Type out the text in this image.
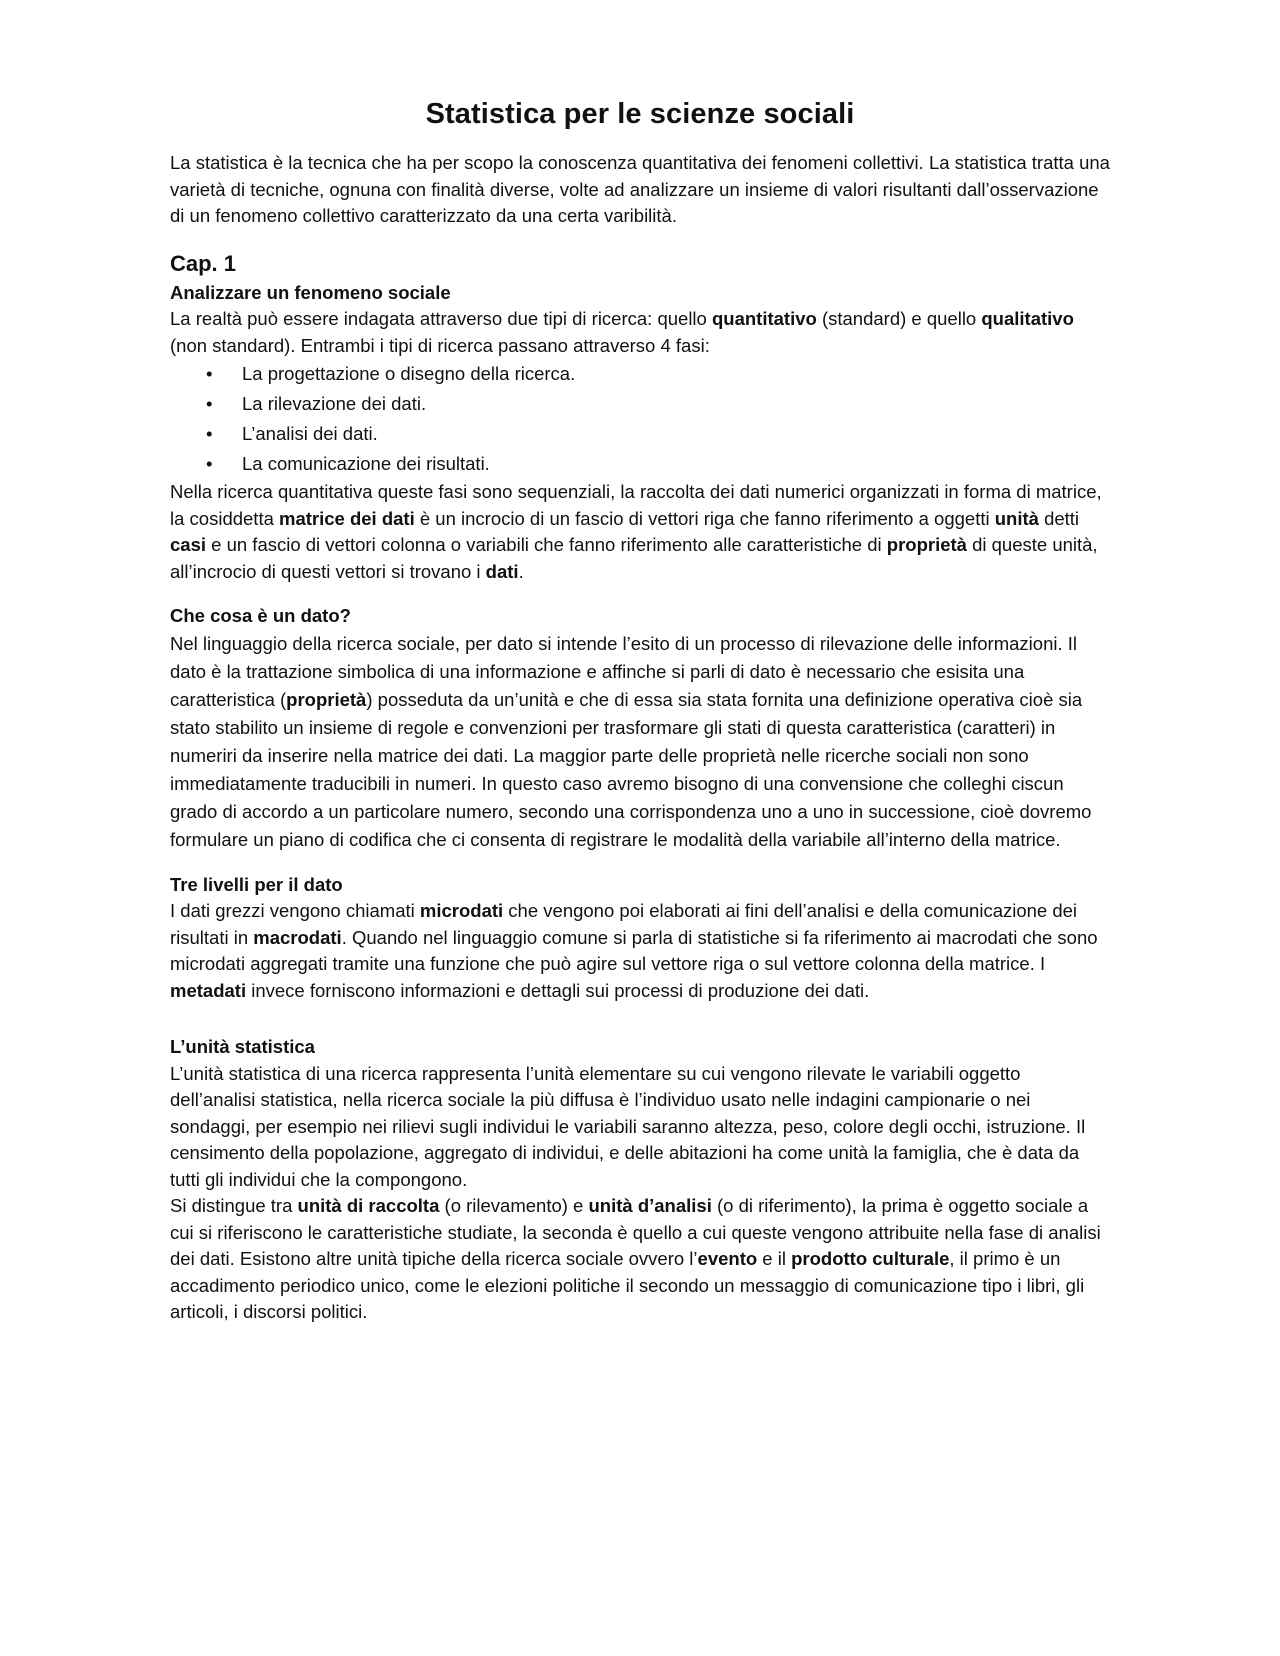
Statistica per le scienze sociali

La statistica è la tecnica che ha per scopo la conoscenza quantitativa dei fenomeni collettivi. La statistica tratta una varietà di tecniche, ognuna con finalità diverse, volte ad analizzare un insieme di valori risultanti dall’osservazione di un fenomeno collettivo caratterizzato da una certa varibilità.

Cap. 1
Analizzare un fenomeno sociale

La realtà può essere indagata attraverso due tipi di ricerca: quello quantitativo (standard) e quello qualitativo (non standard). Entrambi i tipi di ricerca passano attraverso 4 fasi:

• La progettazione o disegno della ricerca.
• La rilevazione dei dati.
• L’analisi dei dati.
• La comunicazione dei risultati.

Nella ricerca quantitativa queste fasi sono sequenziali, la raccolta dei dati numerici organizzati in forma di matrice, la cosiddetta matrice dei dati è un incrocio di un fascio di vettori riga che fanno riferimento a oggetti unità detti casi e un fascio di vettori colonna o variabili che fanno riferimento alle caratteristiche di proprietà di queste unità, all’incrocio di questi vettori si trovano i dati.

Che cosa è un dato?

Nel linguaggio della ricerca sociale, per dato si intende l’esito di un processo di rilevazione delle informazioni. Il dato è la trattazione simbolica di una informazione e affinche si parli di dato è necessario che esisita una caratteristica (proprietà) posseduta da un’unità e che di essa sia stata fornita una definizione operativa cioè sia stato stabilito un insieme di regole e convenzioni per trasformare gli stati di questa caratteristica (caratteri) in numeriri da inserire nella matrice dei dati. La maggior parte delle proprietà nelle ricerche sociali non sono immediatamente traducibili in numeri. In questo caso avremo bisogno di una convensione che colleghi ciscun grado di accordo a un particolare numero, secondo una corrispondenza uno a uno in successione, cioè dovremo formulare un piano di codifica che ci consenta di registrare le modalità della variabile all’interno della matrice.

Tre livelli per il dato

I dati grezzi vengono chiamati microdati che vengono poi elaborati ai fini dell’analisi e della comunicazione dei risultati in macrodati. Quando nel linguaggio comune si parla di statistiche si fa riferimento ai macrodati che sono microdati aggregati tramite una funzione che può agire sul vettore riga o sul vettore colonna della matrice. I metadati invece forniscono informazioni e dettagli sui processi di produzione dei dati.

L’unità statistica

L’unità statistica di una ricerca rappresenta l’unità elementare su cui vengono rilevate le variabili oggetto dell’analisi statistica, nella ricerca sociale la più diffusa è l’individuo usato nelle indagini campionarie o nei sondaggi, per esempio nei rilievi sugli individui le variabili saranno altezza, peso, colore degli occhi, istruzione. Il censimento della popolazione, aggregato di individui, e delle abitazioni ha come unità la famiglia, che è data da tutti gli individui che la compongono.

Si distingue tra unità di raccolta (o rilevamento) e unità d’analisi (o di riferimento), la prima è oggetto sociale a cui si riferiscono le caratteristiche studiate, la seconda è quello a cui queste vengono attribuite nella fase di analisi dei dati. Esistono altre unità tipiche della ricerca sociale ovvero l’evento e il prodotto culturale, il primo è un accadimento periodico unico, come le elezioni politiche il secondo un messaggio di comunicazione tipo i libri, gli articoli, i discorsi politici.
